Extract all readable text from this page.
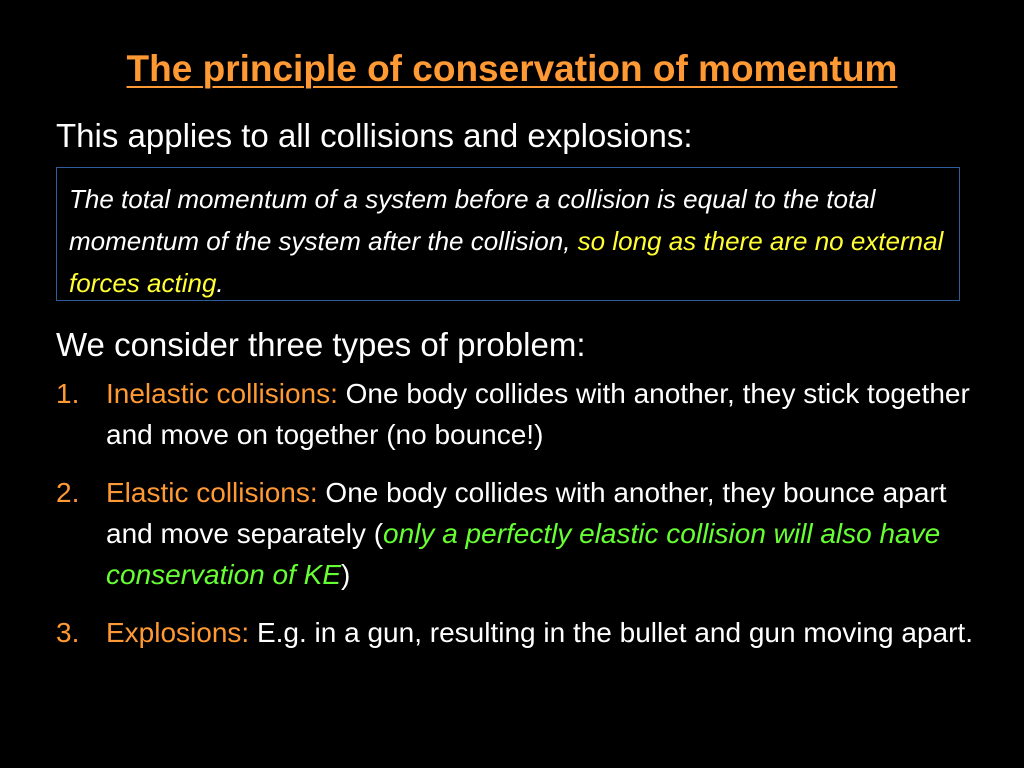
The principle of conservation of momentum
This applies to all collisions and explosions:
The total momentum of a system before a collision is equal to the total momentum of the system after the collision, so long as there are no external forces acting.
We consider three types of problem:
1. Inelastic collisions: One body collides with another, they stick together and move on together (no bounce!)
2. Elastic collisions: One body collides with another, they bounce apart and move separately (only a perfectly elastic collision will also have conservation of KE)
3. Explosions: E.g. in a gun, resulting in the bullet and gun moving apart.
